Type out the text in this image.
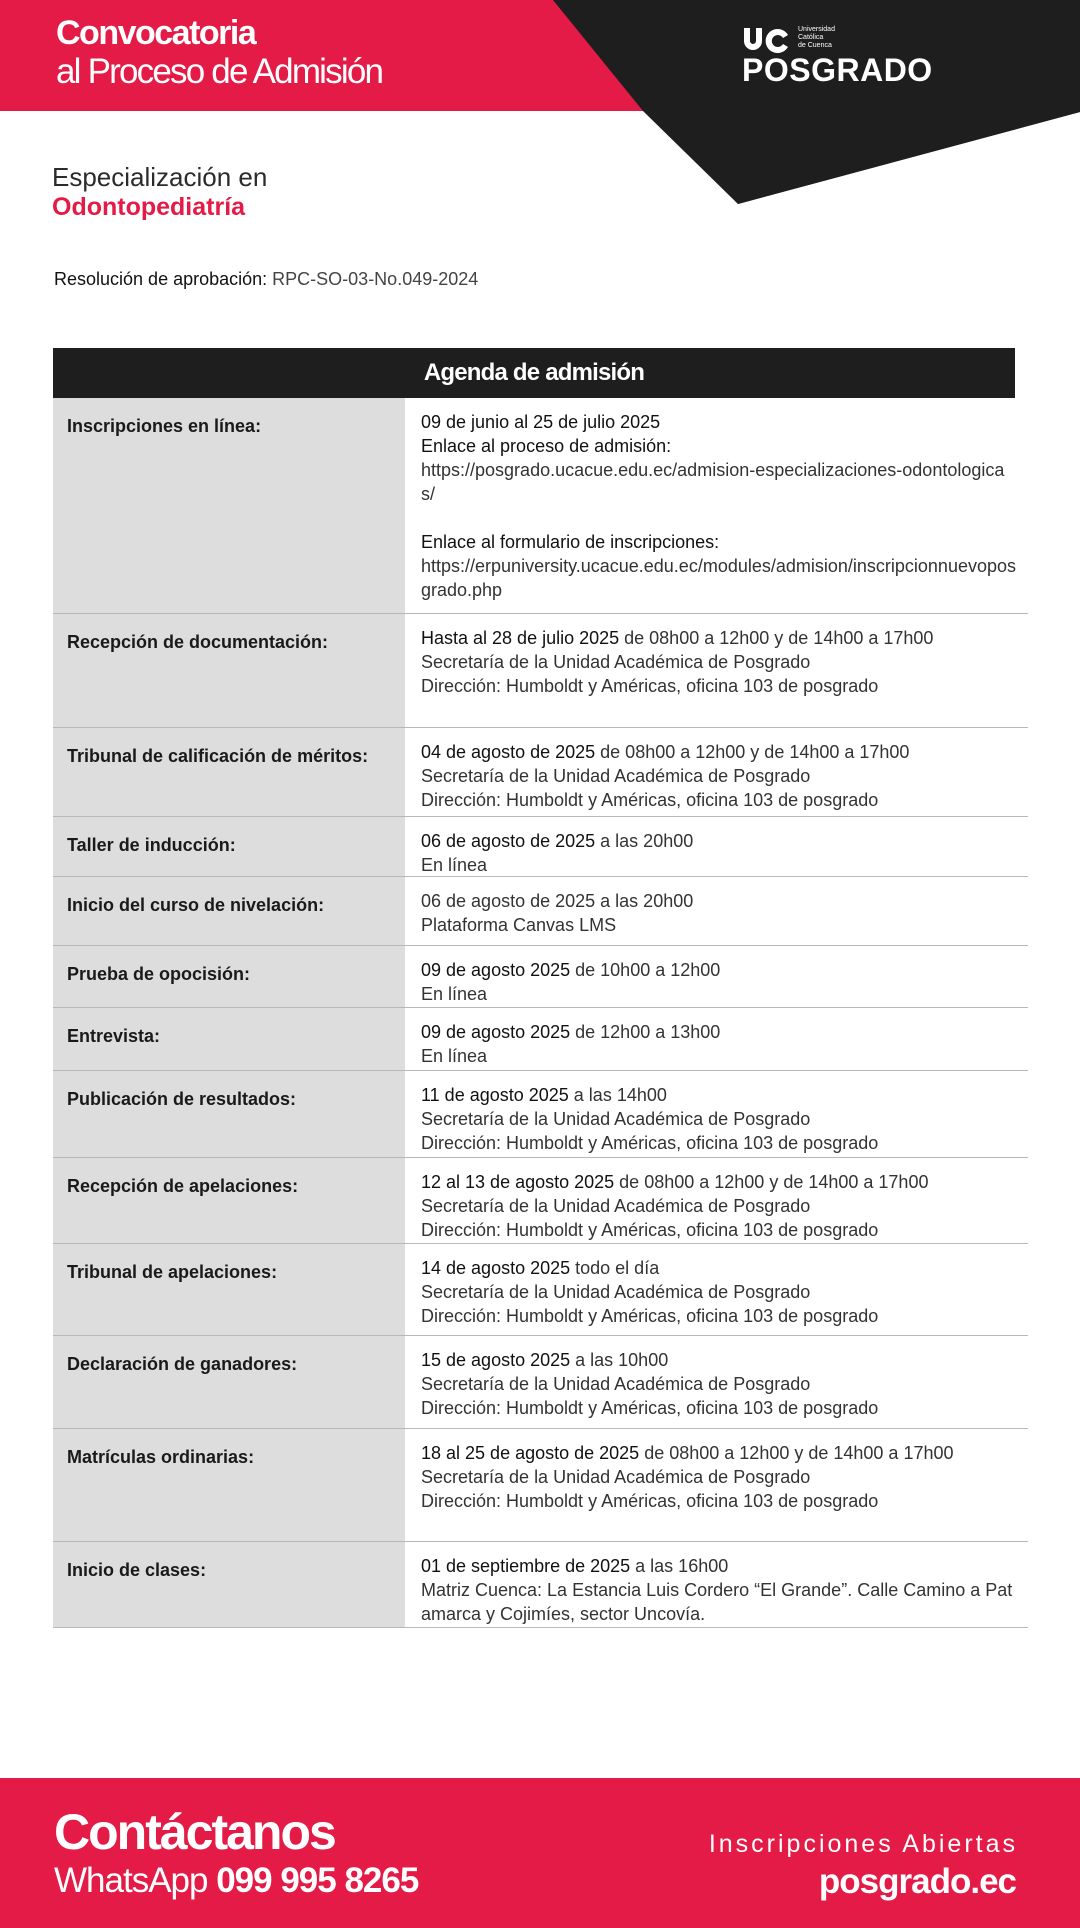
Convocatoria
al Proceso de Admisión
Universidad
Católica
de Cuenca
POSGRADO
Especialización en
Odontopediatría
Resolución de aprobación: RPC-SO-03-No.049-2024
Agenda de admisión
Inscripciones en línea:	09 de junio al 25 de julio 2025
Enlace al proceso de admisión:
https://posgrado.ucacue.edu.ec/admision-especializaciones-odontologicas/
Enlace al formulario de inscripciones:
https://erpuniversity.ucacue.edu.ec/modules/admision/inscripcionnuevoposgrado.php
Recepción de documentación:	Hasta al 28 de julio 2025 de 08h00 a 12h00 y de 14h00 a 17h00
Secretaría de la Unidad Académica de Posgrado
Dirección: Humboldt y Américas, oficina 103 de posgrado
Tribunal de calificación de méritos:	04 de agosto de 2025 de 08h00 a 12h00 y de 14h00 a 17h00
Secretaría de la Unidad Académica de Posgrado
Dirección: Humboldt y Américas, oficina 103 de posgrado
Taller de inducción:	06 de agosto de 2025 a las 20h00
En línea
Inicio del curso de nivelación:	06 de agosto de 2025 a las 20h00
Plataforma Canvas LMS
Prueba de opocisión:	09 de agosto 2025 de 10h00 a 12h00
En línea
Entrevista:	09 de agosto 2025 de 12h00 a 13h00
En línea
Publicación de resultados:	11 de agosto 2025 a las 14h00
Secretaría de la Unidad Académica de Posgrado
Dirección: Humboldt y Américas, oficina 103 de posgrado
Recepción de apelaciones:	12 al 13 de agosto 2025 de 08h00 a 12h00 y de 14h00 a 17h00
Secretaría de la Unidad Académica de Posgrado
Dirección: Humboldt y Américas, oficina 103 de posgrado
Tribunal de apelaciones:	14 de agosto 2025 todo el día
Secretaría de la Unidad Académica de Posgrado
Dirección: Humboldt y Américas, oficina 103 de posgrado
Declaración de ganadores:	15 de agosto 2025 a las 10h00
Secretaría de la Unidad Académica de Posgrado
Dirección: Humboldt y Américas, oficina 103 de posgrado
Matrículas ordinarias:	18 al 25 de agosto de 2025 de 08h00 a 12h00 y de 14h00 a 17h00
Secretaría de la Unidad Académica de Posgrado
Dirección: Humboldt y Américas, oficina 103 de posgrado
Inicio de clases:	01 de septiembre de 2025 a las 16h00
Matriz Cuenca: La Estancia Luis Cordero “El Grande”. Calle Camino a Patamarca y Cojimíes, sector Uncovía.
Contáctanos
WhatsApp 099 995 8265
Inscripciones Abiertas
posgrado.ec
